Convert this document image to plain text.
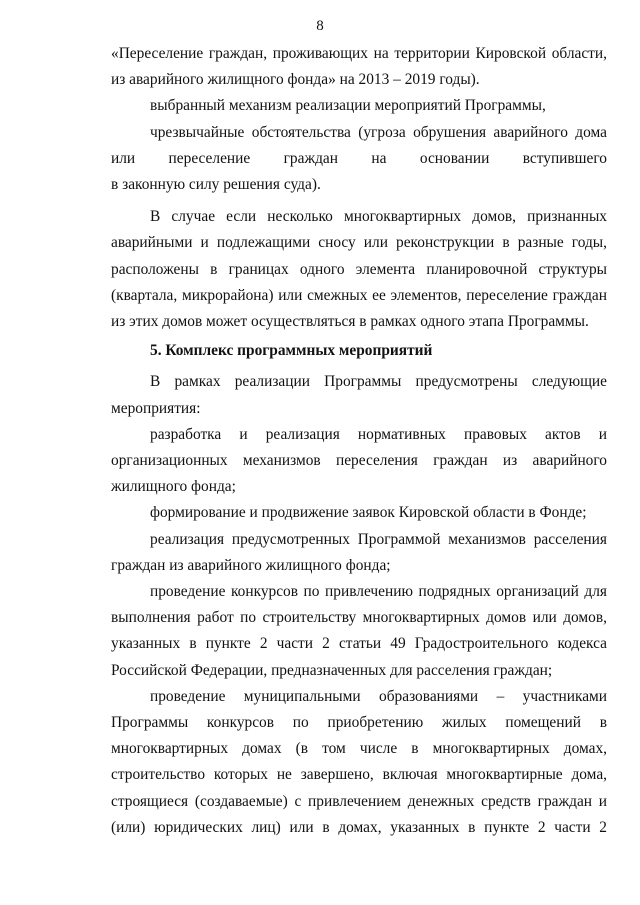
8

«Переселение граждан, проживающих на территории Кировской области, из аварийного жилищного фонда» на 2013 – 2019 годы).

выбранный механизм реализации мероприятий Программы,

чрезвычайные обстоятельства (угроза обрушения аварийного дома или переселение граждан на основании вступившего

в законную силу решения суда).

В случае если несколько многоквартирных домов, признанных аварийными и подлежащими сносу или реконструкции в разные годы, расположены в границах одного элемента планировочной структуры (квартала, микрорайона) или смежных ее элементов, переселение граждан из этих домов может осуществляться в рамках одного этапа Программы.

5. Комплекс программных мероприятий

В рамках реализации Программы предусмотрены следующие мероприятия:

разработка и реализация нормативных правовых актов и организационных механизмов переселения граждан из аварийного жилищного фонда;

формирование и продвижение заявок Кировской области в Фонде;

реализация предусмотренных Программой механизмов расселения граждан из аварийного жилищного фонда;

проведение конкурсов по привлечению подрядных организаций для выполнения работ по строительству многоквартирных домов или домов, указанных в пункте 2 части 2 статьи 49 Градостроительного кодекса Российской Федерации, предназначенных для расселения граждан;

проведение муниципальными образованиями – участниками Программы конкурсов по приобретению жилых помещений в многоквартирных домах (в том числе в многоквартирных домах, строительство которых не завершено, включая многоквартирные дома, строящиеся (создаваемые) с привлечением денежных средств граждан и (или) юридических лиц) или в домах, указанных в пункте 2 части 2
